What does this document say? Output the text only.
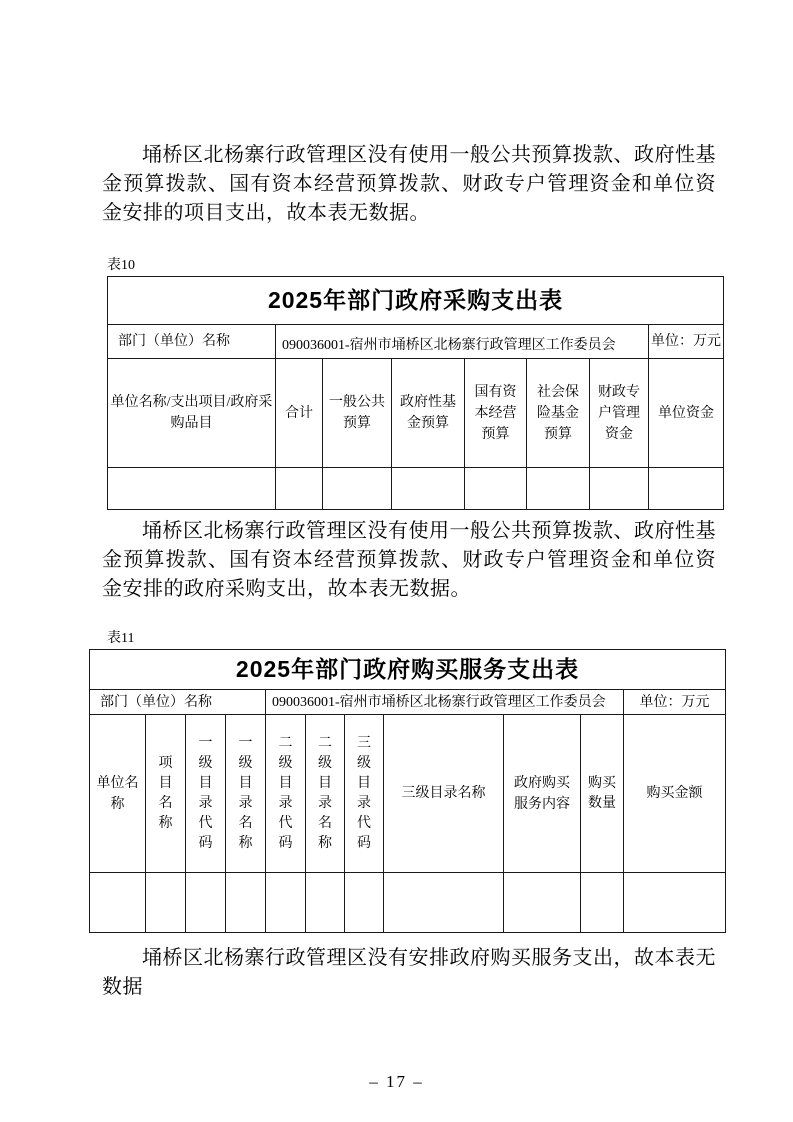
埇桥区北杨寨行政管理区没有使用一般公共预算拨款、政府性基金预算拨款、国有资本经营预算拨款、财政专户管理资金和单位资金安排的项目支出，故本表无数据。

表10
2025年部门政府采购支出表							
部门（单位）名称	090036001-宿州市埇桥区北杨寨行政管理区工作委员会						单位：万元
单位名称/支出项目/政府采购品目	合计	一般公共预算	政府性基金预算	国有资本经营预算	社会保险基金预算	财政专户管理资金	单位资金

埇桥区北杨寨行政管理区没有使用一般公共预算拨款、政府性基金预算拨款、国有资本经营预算拨款、财政专户管理资金和单位资金安排的政府采购支出，故本表无数据。

表11
2025年部门政府购买服务支出表										
部门（单位）名称				090036001-宿州市埇桥区北杨寨行政管理区工作委员会						单位：万元

单位名称	项目名称	一级目录代码	一级目录名称	二级目录代码	二级目录名称	三级目录代码	三级目录名称	政府购买服务内容	购买数量	购买金额

埇桥区北杨寨行政管理区没有安排政府购买服务支出，故本表无数据

– 17 –
